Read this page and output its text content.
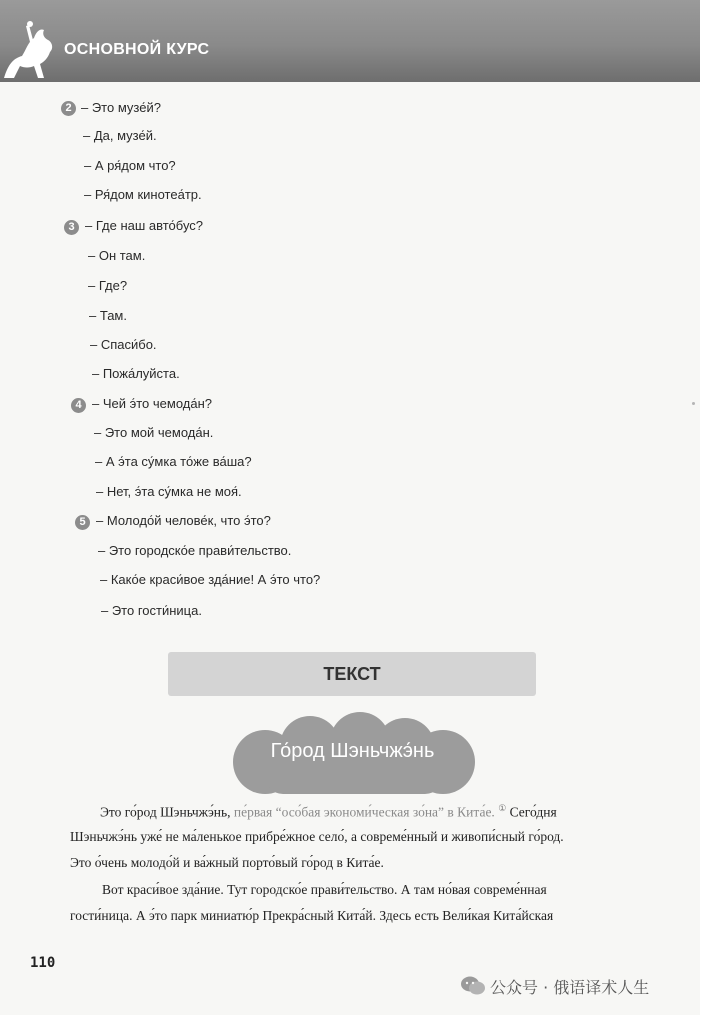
ОСНОВНОЙ КУРС
2 – Это музе́й?
– Да, музе́й.
– А ря́дом что?
– Ря́дом кинотеа́тр.
3 – Где наш авто́бус?
– Он там.
– Где?
– Там.
– Спаси́бо.
– Пожа́луйста.
4 – Чей э́то чемода́н?
– Это мой чемода́н.
– А э́та су́мка то́же ва́ша?
– Нет, э́та су́мка не моя́.
5 – Молодо́й челове́к, что э́то?
– Это городско́е прави́тельство.
– Како́е краси́вое зда́ние! А э́то что?
– Это гости́ница.
ТЕКСТ
Го́род Шэньчжэ́нь
Это го́род Шэньчжэ́нь, пе́рвая “осо́бая экономи́ческая зо́на” в Кита́е. ① Сего́дня
Шэньчжэ́нь уже́ не ма́ленькое прибре́жное село́, а совреме́нный и живопи́сный го́род.
Это о́чень молодо́й и ва́жный порто́вый го́род в Кита́е.
Вот краси́вое зда́ние. Тут городско́е прави́тельство. А там но́вая совреме́нная
гости́ница. А э́то парк миниатю́р Прекра́сный Кита́й. Здесь есть Вели́кая Кита́йская
110
公众号 · 俄语译术人生
